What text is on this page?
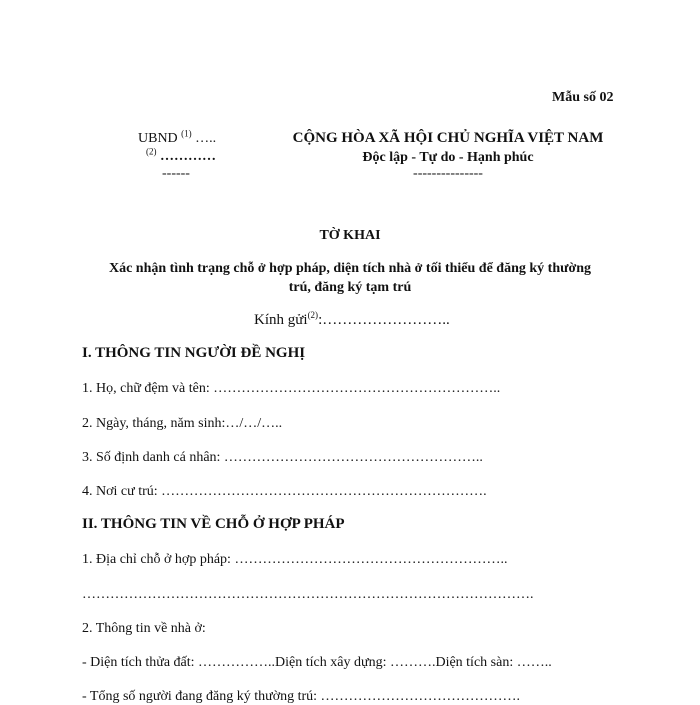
Mẫu số 02
UBND $^{(1)}$ …..
$^{(2)}$ …………
------
CỘNG HÒA XÃ HỘI CHỦ NGHĨA VIỆT NAM
Độc lập - Tự do - Hạnh phúc
---------------
TỜ KHAI
Xác nhận tình trạng chỗ ở hợp pháp, diện tích nhà ở tối thiểu để đăng ký thường
trú, đăng ký tạm trú
Kính gửi$^{(2)}$:……………………..
I. THÔNG TIN NGƯỜI ĐỀ NGHỊ
1. Họ, chữ đệm và tên: ……………………………………………………..
2. Ngày, tháng, năm sinh:…/…/…..
3. Số định danh cá nhân: ………………………………………………..
4. Nơi cư trú: …………………………………………………………….
II. THÔNG TIN VỀ CHỖ Ở HỢP PHÁP
1. Địa chỉ chỗ ở hợp pháp: …………………………………………………..
…………………………………………………………………………………….
2. Thông tin về nhà ở:
- Diện tích thửa đất: ……………..Diện tích xây dựng: ……….Diện tích sàn: ……..
- Tổng số người đang đăng ký thường trú: …………………………………….
